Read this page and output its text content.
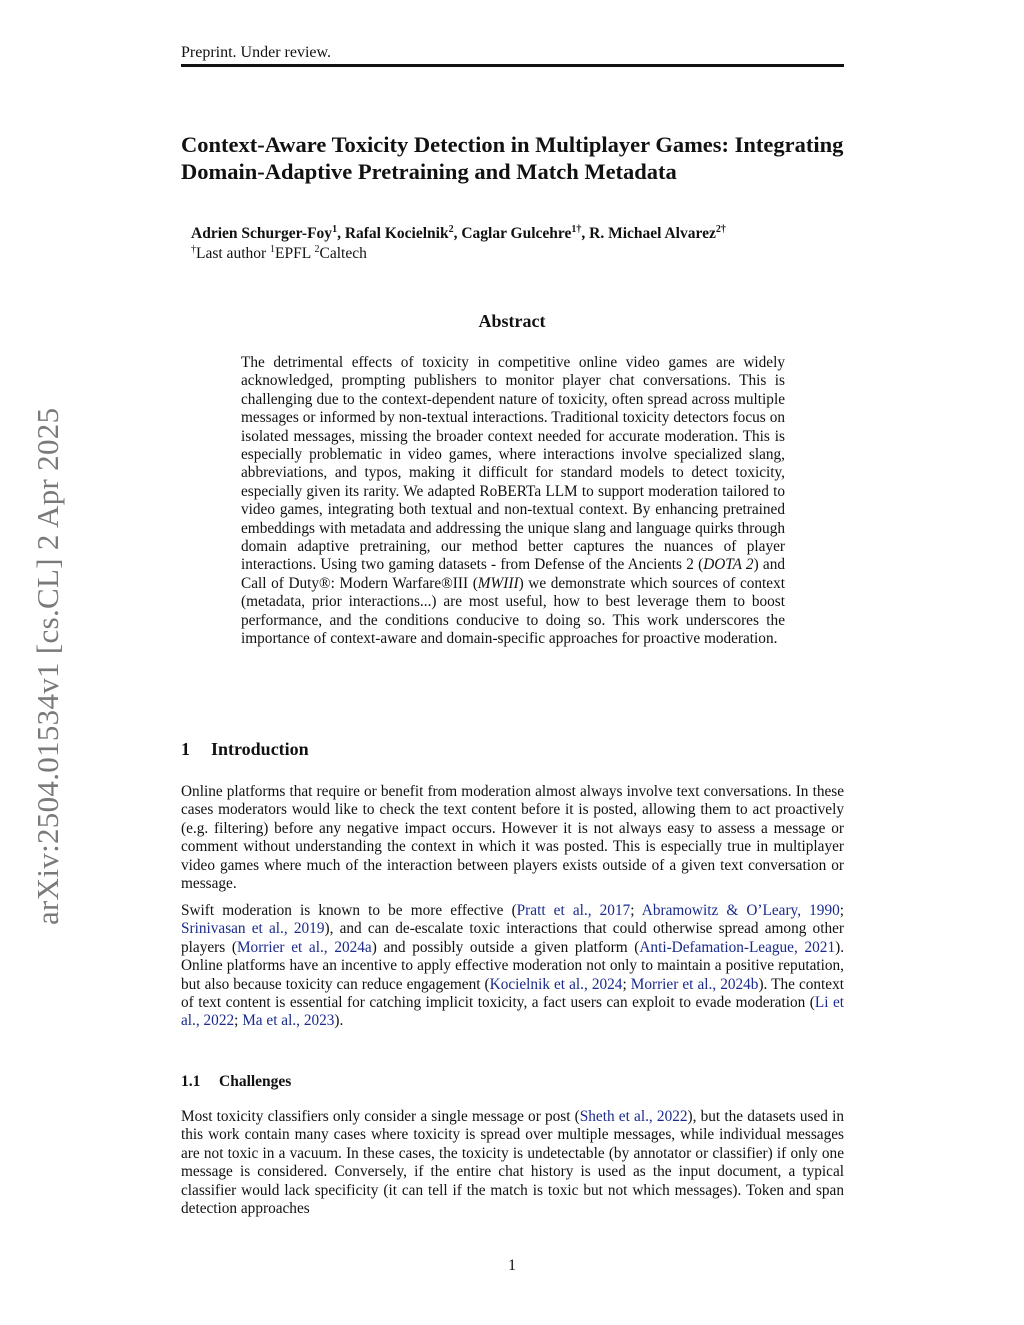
Preprint. Under review.
Context-Aware Toxicity Detection in Multiplayer Games: Integrating Domain-Adaptive Pretraining and Match Metadata
Adrien Schurger-Foy$^1$, Rafal Kocielnik$^2$, Caglar Gulcehre$^{1\dagger}$, R. Michael Alvarez$^{2\dagger}$
†Last author $^1$EPFL $^2$Caltech
Abstract

The detrimental effects of toxicity in competitive online video games are widely acknowledged, prompting publishers to monitor player chat conversations. This is challenging due to the context-dependent nature of toxicity, often spread across multiple messages or informed by non-textual interactions. Traditional toxicity detectors focus on isolated messages, missing the broader context needed for accurate moderation. This is especially problematic in video games, where interactions involve specialized slang, abbreviations, and typos, making it difficult for standard models to detect toxicity, especially given its rarity. We adapted RoBERTa LLM to support moderation tailored to video games, integrating both textual and non-textual context. By enhancing pretrained embeddings with metadata and addressing the unique slang and language quirks through domain adaptive pretraining, our method better captures the nuances of player interactions. Using two gaming datasets - from Defense of the Ancients 2 (DOTA 2) and Call of Duty®: Modern Warfare®III (MWIII) we demonstrate which sources of context (metadata, prior interactions...) are most useful, how to best leverage them to boost performance, and the conditions conducive to doing so. This work underscores the importance of context-aware and domain-specific approaches for proactive moderation.

arXiv:2504.01534v1 [cs.CL] 2 Apr 2025	1 Introduction

Online platforms that require or benefit from moderation almost always involve text conversations. In these cases moderators would like to check the text content before it is posted, allowing them to act proactively (e.g. filtering) before any negative impact occurs. However it is not always easy to assess a message or comment without understanding the context in which it was posted. This is especially true in multiplayer video games where much of the interaction between players exists outside of a given text conversation or message.

Swift moderation is known to be more effective (Pratt et al., 2017; Abramowitz & O’Leary, 1990; Srinivasan et al., 2019), and can de-escalate toxic interactions that could otherwise spread among other players (Morrier et al., 2024a) and possibly outside a given platform (Anti-Defamation-League, 2021). Online platforms have an incentive to apply effective moderation not only to maintain a positive reputation, but also because toxicity can reduce engagement (Kocielnik et al., 2024; Morrier et al., 2024b). The context of text content is essential for catching implicit toxicity, a fact users can exploit to evade moderation (Li et al., 2022; Ma et al., 2023).

1.1 Challenges

Most toxicity classifiers only consider a single message or post (Sheth et al., 2022), but the datasets used in this work contain many cases where toxicity is spread over multiple messages, while individual messages are not toxic in a vacuum. In these cases, the toxicity is undetectable (by annotator or classifier) if only one message is considered. Conversely, if the entire chat history is used as the input document, a typical classifier would lack specificity (it can tell if the match is toxic but not which messages). Token and span detection approaches

1
